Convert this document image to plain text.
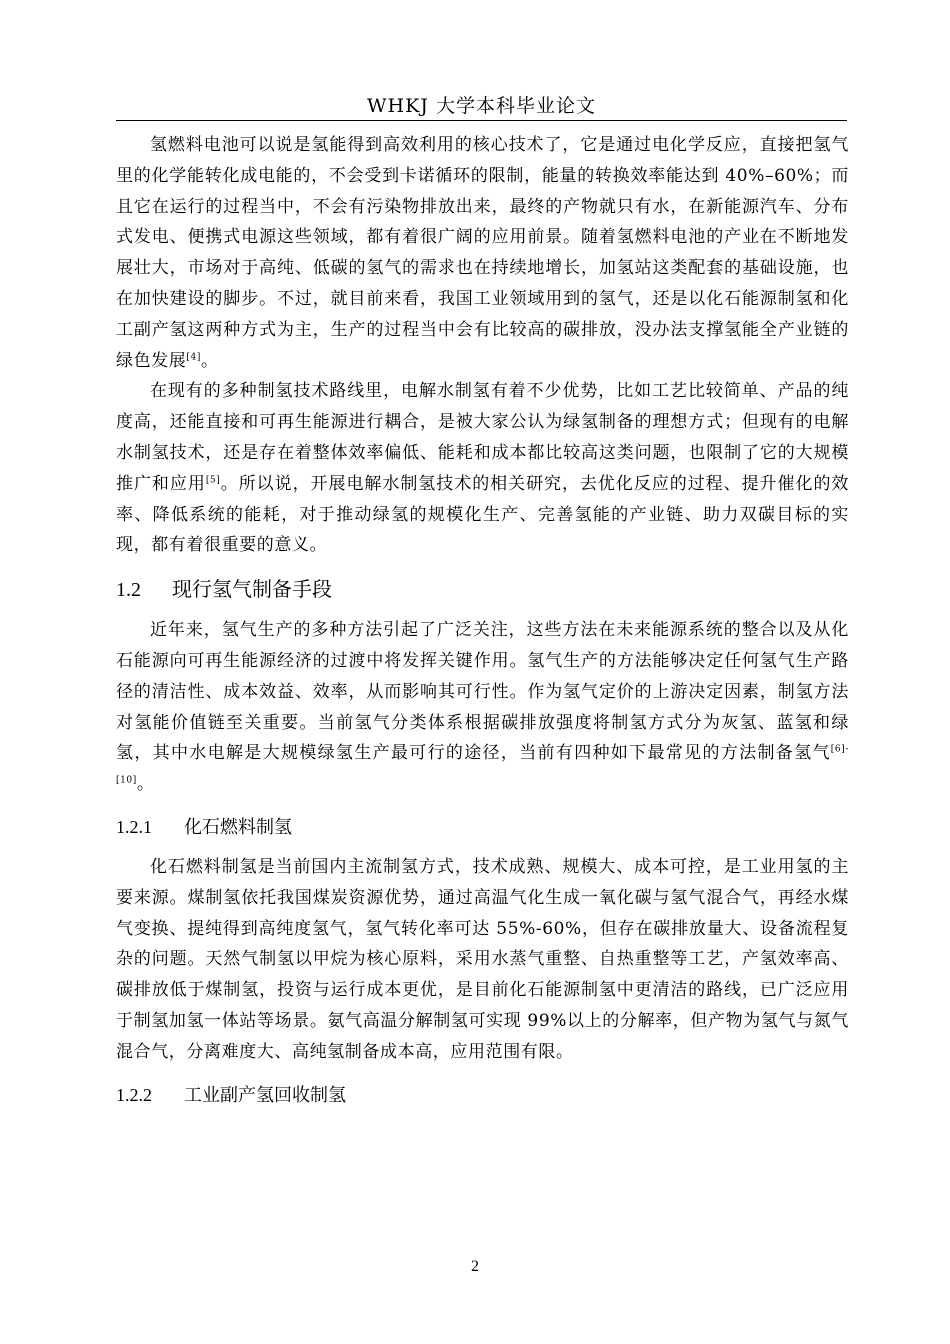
WHKJ 大学本科毕业论文

氢燃料电池可以说是氢能得到高效利用的核心技术了，它是通过电化学反应，直接把氢气里的化学能转化成电能的，不会受到卡诺循环的限制，能量的转换效率能达到 40%–60%；而且它在运行的过程当中，不会有污染物排放出来，最终的产物就只有水，在新能源汽车、分布式发电、便携式电源这些领域，都有着很广阔的应用前景。随着氢燃料电池的产业在不断地发展壮大，市场对于高纯、低碳的氢气的需求也在持续地增长，加氢站这类配套的基础设施，也在加快建设的脚步。不过，就目前来看，我国工业领域用到的氢气，还是以化石能源制氢和化工副产氢这两种方式为主，生产的过程当中会有比较高的碳排放，没办法支撑氢能全产业链的绿色发展[4]。

在现有的多种制氢技术路线里，电解水制氢有着不少优势，比如工艺比较简单、产品的纯度高，还能直接和可再生能源进行耦合，是被大家公认为绿氢制备的理想方式；但现有的电解水制氢技术，还是存在着整体效率偏低、能耗和成本都比较高这类问题，也限制了它的大规模推广和应用[5]。所以说，开展电解水制氢技术的相关研究，去优化反应的过程、提升催化的效率、降低系统的能耗，对于推动绿氢的规模化生产、完善氢能的产业链、助力双碳目标的实现，都有着很重要的意义。

1.2 现行氢气制备手段

近年来，氢气生产的多种方法引起了广泛关注，这些方法在未来能源系统的整合以及从化石能源向可再生能源经济的过渡中将发挥关键作用。氢气生产的方法能够决定任何氢气生产路径的清洁性、成本效益、效率，从而影响其可行性。作为氢气定价的上游决定因素，制氢方法对氢能价值链至关重要。当前氢气分类体系根据碳排放强度将制氢方式分为灰氢、蓝氢和绿氢，其中水电解是大规模绿氢生产最可行的途径，当前有四种如下最常见的方法制备氢气[6]-[10]。

1.2.1 化石燃料制氢

化石燃料制氢是当前国内主流制氢方式，技术成熟、规模大、成本可控，是工业用氢的主要来源。煤制氢依托我国煤炭资源优势，通过高温气化生成一氧化碳与氢气混合气，再经水煤气变换、提纯得到高纯度氢气，氢气转化率可达 55%-60%，但存在碳排放量大、设备流程复杂的问题。天然气制氢以甲烷为核心原料，采用水蒸气重整、自热重整等工艺，产氢效率高、碳排放低于煤制氢，投资与运行成本更优，是目前化石能源制氢中更清洁的路线，已广泛应用于制氢加氢一体站等场景。氨气高温分解制氢可实现 99%以上的分解率，但产物为氢气与氮气混合气，分离难度大、高纯氢制备成本高，应用范围有限。

1.2.2 工业副产氢回收制氢
2
